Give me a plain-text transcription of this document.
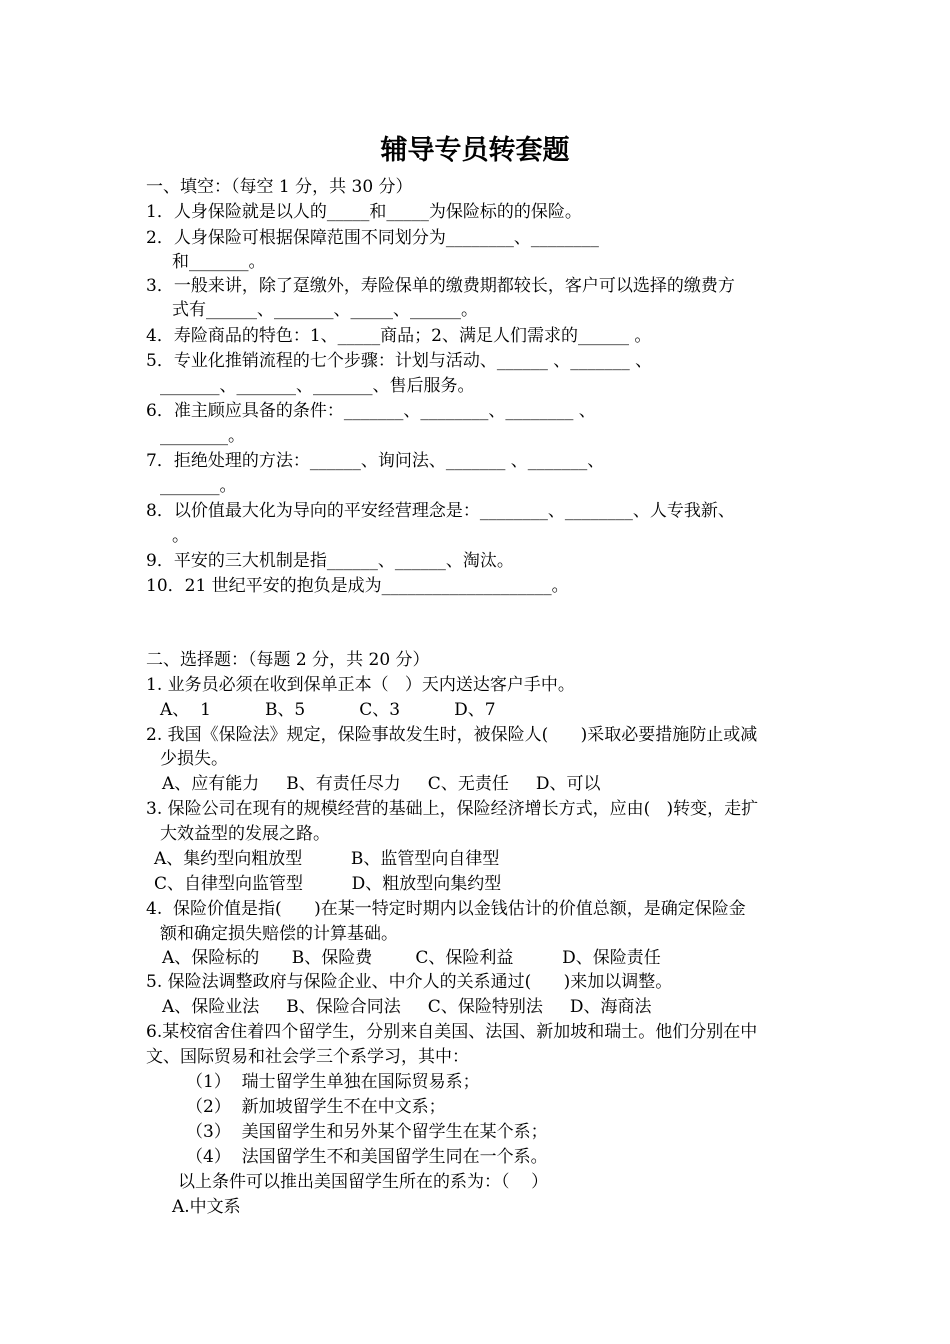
辅导专员转套题
一、填空：（每空 1 分，共 30 分）
1．人身保险就是以人的_____和_____为保险标的的保险。
2．人身保险可根据保障范围不同划分为________、________
和_______。
3．一般来讲，除了趸缴外，寿险保单的缴费期都较长，客户可以选择的缴费方
式有______、_______、_____、______。
4．寿险商品的特色：1、_____商品；2、满足人们需求的______ 。
5．专业化推销流程的七个步骤：计划与活动、______ 、_______ 、
_______、_______、_______、售后服务。
6．准主顾应具备的条件：_______、________、________ 、
________。
7．拒绝处理的方法：______、询问法、_______ 、_______、
_______。
8．以价值最大化为导向的平安经营理念是：________、________、人专我新、
。
9．平安的三大机制是指______、______、淘汰。
10．21 世纪平安的抱负是成为____________________。
二、选择题：（每题 2 分，共 20 分）
1. 业务员必须在收到保单正本（   ）天内送达客户手中。
A、  1          B、5          C、3          D、7
2. 我国《保险法》规定，保险事故发生时，被保险人(      )采取必要措施防止或减
少损失。
A、应有能力     B、有责任尽力     C、无责任     D、可以
3. 保险公司在现有的规模经营的基础上，保险经济增长方式，应由(   )转变，走扩
大效益型的发展之路。
A、集约型向粗放型         B、监管型向自律型
C、自律型向监管型         D、粗放型向集约型
4.  保险价值是指(      )在某一特定时期内以金钱估计的价值总额，是确定保险金
额和确定损失赔偿的计算基础。
A、保险标的      B、保险费        C、保险利益         D、保险责任
5. 保险法调整政府与保险企业、中介人的关系通过(      )来加以调整。
A、保险业法     B、保险合同法     C、保险特别法     D、海商法
6.某校宿舍住着四个留学生，分别来自美国、法国、新加坡和瑞士。他们分别在中
文、国际贸易和社会学三个系学习，其中：
（1）  瑞士留学生单独在国际贸易系；
（2）  新加坡留学生不在中文系；
（3）  美国留学生和另外某个留学生在某个系；
（4）  法国留学生不和美国留学生同在一个系。
以上条件可以推出美国留学生所在的系为：（    ）
A.中文系
